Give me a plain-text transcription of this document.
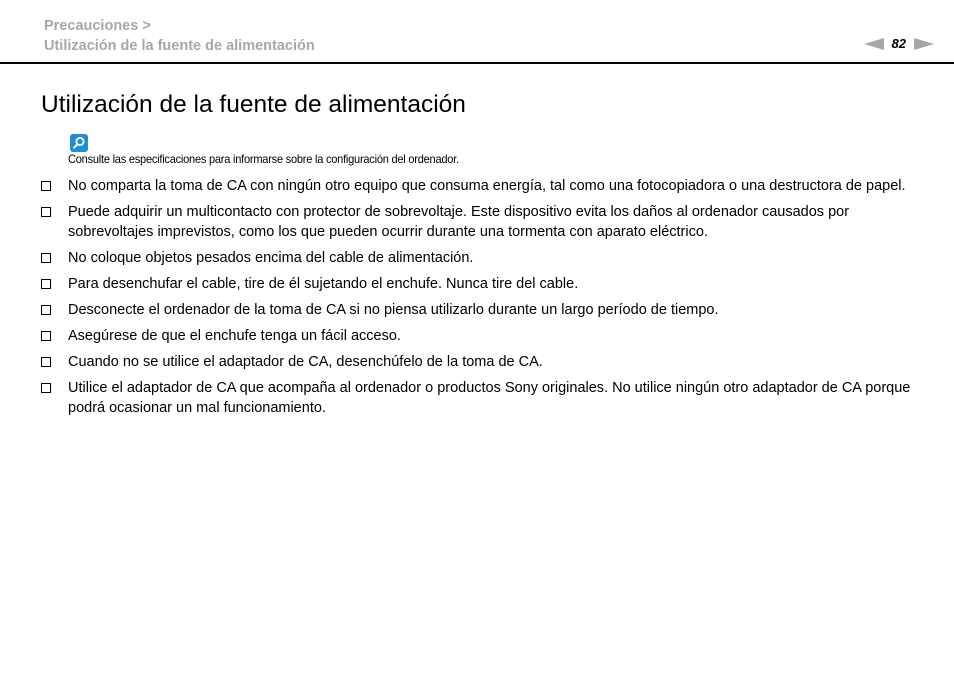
Precauciones >
Utilización de la fuente de alimentación	82
Utilización de la fuente de alimentación
Consulte las especificaciones para informarse sobre la configuración del ordenador.
No comparta la toma de CA con ningún otro equipo que consuma energía, tal como una fotocopiadora o una destructora de papel.
Puede adquirir un multicontacto con protector de sobrevoltaje. Este dispositivo evita los daños al ordenador causados por sobrevoltajes imprevistos, como los que pueden ocurrir durante una tormenta con aparato eléctrico.
No coloque objetos pesados encima del cable de alimentación.
Para desenchufar el cable, tire de él sujetando el enchufe. Nunca tire del cable.
Desconecte el ordenador de la toma de CA si no piensa utilizarlo durante un largo período de tiempo.
Asegúrese de que el enchufe tenga un fácil acceso.
Cuando no se utilice el adaptador de CA, desenchúfelo de la toma de CA.
Utilice el adaptador de CA que acompaña al ordenador o productos Sony originales. No utilice ningún otro adaptador de CA porque podrá ocasionar un mal funcionamiento.
